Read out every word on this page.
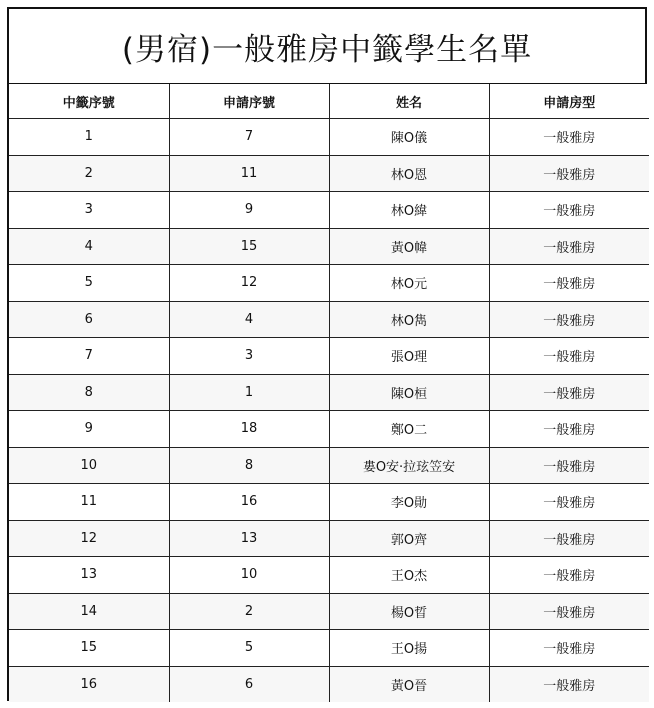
(男宿)一般雅房中籤學生名單
中籤序號	申請序號	姓名	申請房型
1	7	陳O儀	一般雅房
2	11	林O恩	一般雅房
3	9	林O緯	一般雅房
4	15	黃O幃	一般雅房
5	12	林O元	一般雅房
6	4	林O雋	一般雅房
7	3	張O理	一般雅房
8	1	陳O桓	一般雅房
9	18	鄭O二	一般雅房
10	8	婁O安·拉玹笠安	一般雅房
11	16	李O勛	一般雅房
12	13	郭O齊	一般雅房
13	10	王O杰	一般雅房
14	2	楊O晢	一般雅房
15	5	王O揚	一般雅房
16	6	黃O晉	一般雅房
